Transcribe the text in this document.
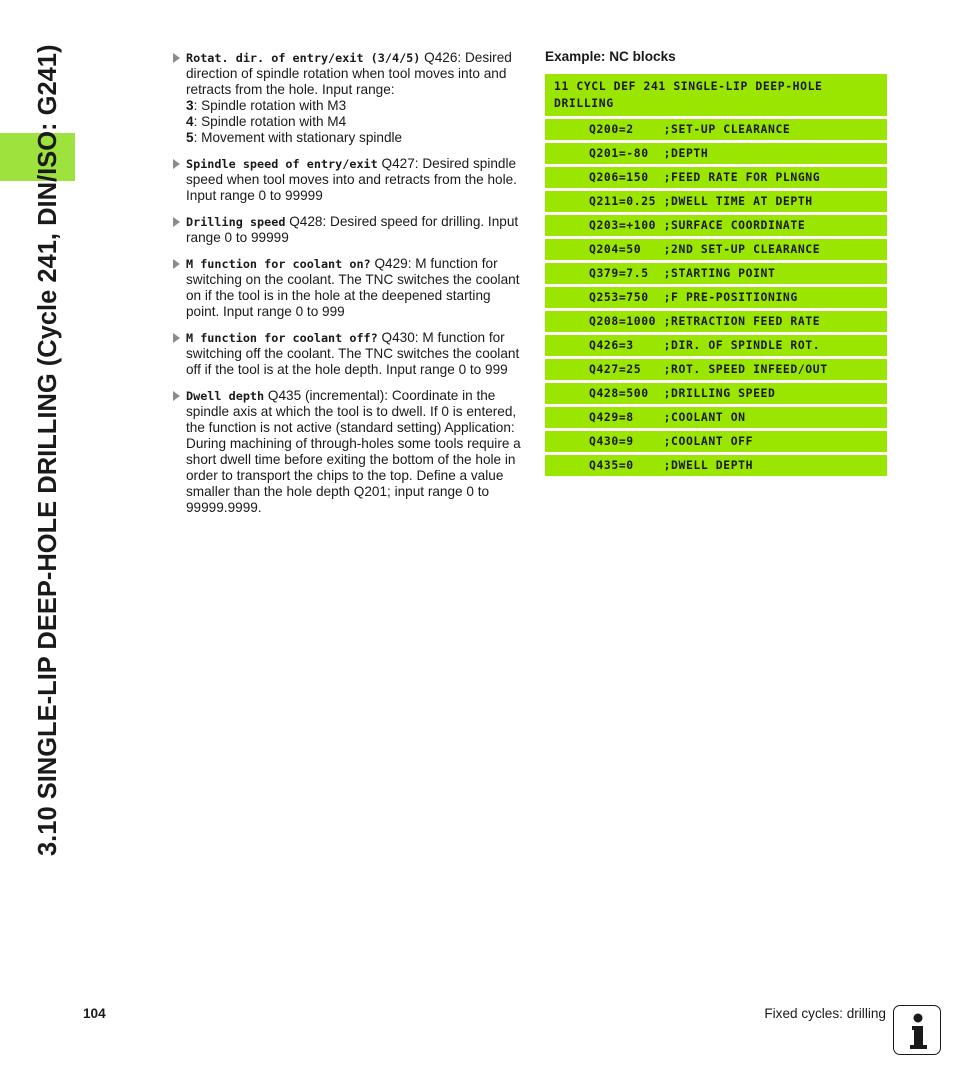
3.10 SINGLE-LIP DEEP-HOLE DRILLING (Cycle 241, DIN/ISO: G241)	Rotat. dir. of entry/exit (3/4/5) Q426: Desired direction of spindle rotation when tool moves into and retracts from the hole. Input range:
3: Spindle rotation with M3
4: Spindle rotation with M4
5: Movement with stationary spindle
Spindle speed of entry/exit Q427: Desired spindle speed when tool moves into and retracts from the hole. Input range 0 to 99999
Drilling speed Q428: Desired speed for drilling. Input range 0 to 99999
M function for coolant on? Q429: M function for switching on the coolant. The TNC switches the coolant on if the tool is in the hole at the deepened starting point. Input range 0 to 999
M function for coolant off? Q430: M function for switching off the coolant. The TNC switches the coolant off if the tool is at the hole depth. Input range 0 to 999
Dwell depth Q435 (incremental): Coordinate in the spindle axis at which the tool is to dwell. If 0 is entered, the function is not active (standard setting) Application: During machining of through-holes some tools require a short dwell time before exiting the bottom of the hole in order to transport the chips to the top. Define a value smaller than the hole depth Q201; input range 0 to 99999.9999.
Example: NC blocks
11 CYCL DEF 241 SINGLE-LIP DEEP-HOLE DRILLING
Q200=2    ;SET-UP CLEARANCE
Q201=-80  ;DEPTH
Q206=150  ;FEED RATE FOR PLNGNG
Q211=0.25 ;DWELL TIME AT DEPTH
Q203=+100 ;SURFACE COORDINATE
Q204=50   ;2ND SET-UP CLEARANCE
Q379=7.5  ;STARTING POINT
Q253=750  ;F PRE-POSITIONING
Q208=1000 ;RETRACTION FEED RATE
Q426=3    ;DIR. OF SPINDLE ROT.
Q427=25   ;ROT. SPEED INFEED/OUT
Q428=500  ;DRILLING SPEED
Q429=8    ;COOLANT ON
Q430=9    ;COOLANT OFF
Q435=0    ;DWELL DEPTH
104	Fixed cycles: drilling
